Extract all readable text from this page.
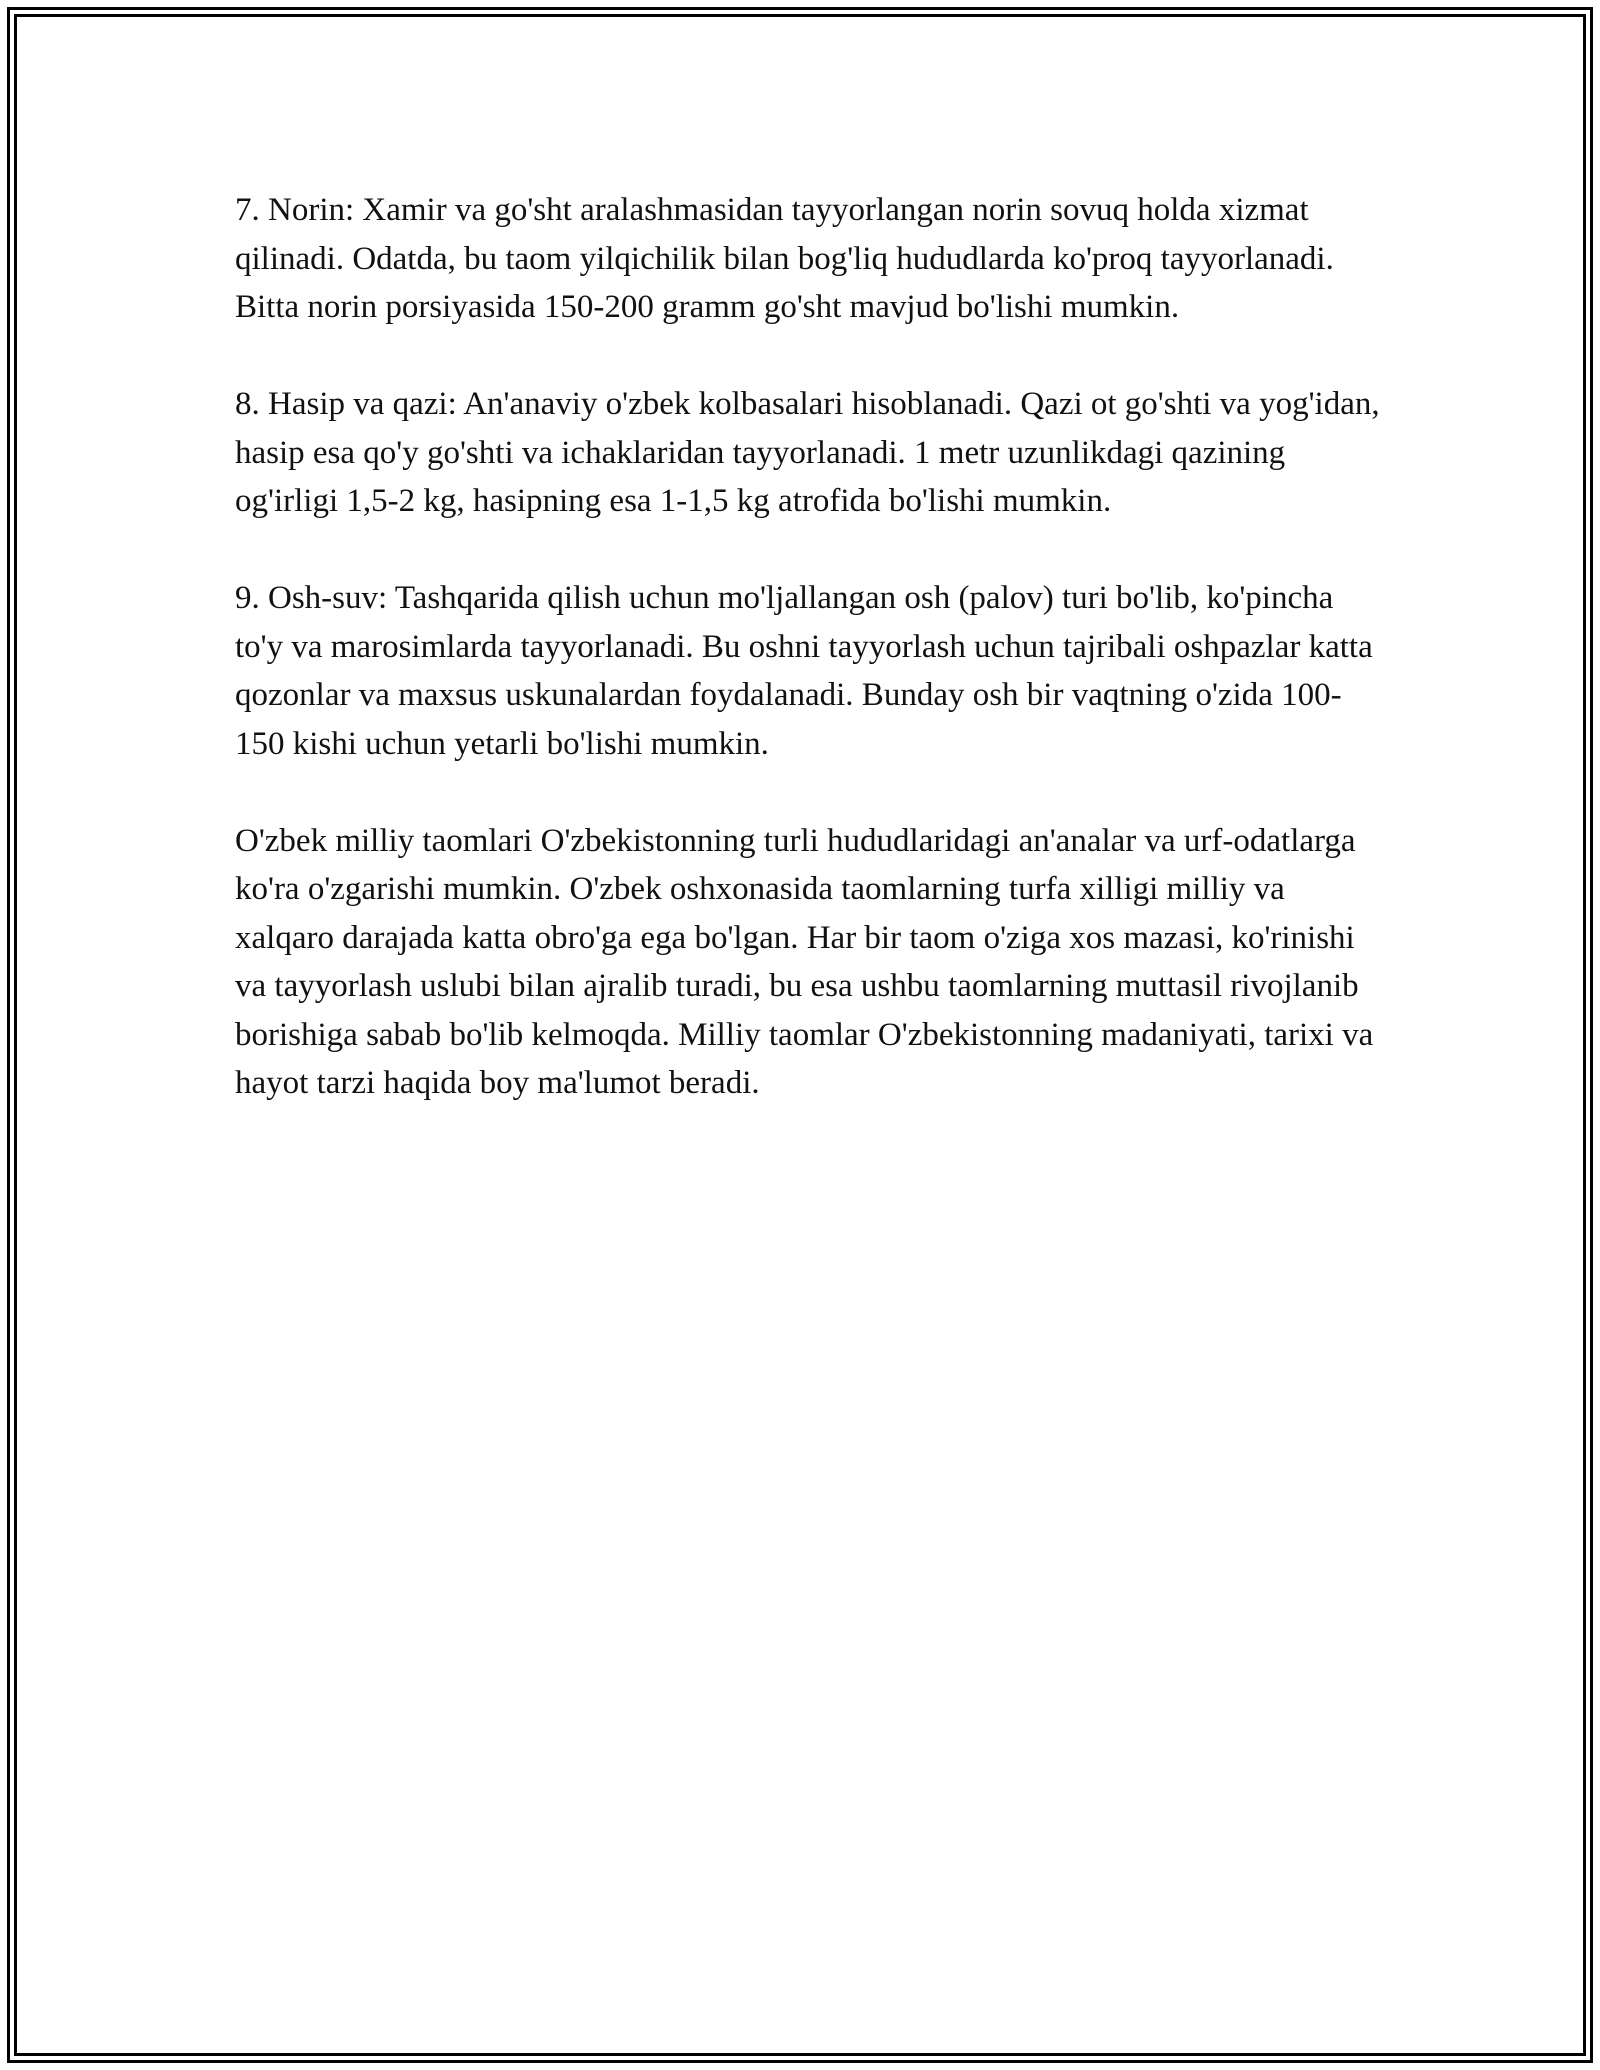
7. Norin: Xamir va go'sht aralashmasidan tayyorlangan norin sovuq holda xizmat qilinadi. Odatda, bu taom yilqichilik bilan bog'liq hududlarda ko'proq tayyorlanadi. Bitta norin porsiyasida 150-200 gramm go'sht mavjud bo'lishi mumkin.

8. Hasip va qazi: An'anaviy o'zbek kolbasalari hisoblanadi. Qazi ot go'shti va yog'idan, hasip esa qo'y go'shti va ichaklaridan tayyorlanadi. 1 metr uzunlikdagi qazining og'irligi 1,5-2 kg, hasipning esa 1-1,5 kg atrofida bo'lishi mumkin.

9. Osh-suv: Tashqarida qilish uchun mo'ljallangan osh (palov) turi bo'lib, ko'pincha to'y va marosimlarda tayyorlanadi. Bu oshni tayyorlash uchun tajribali oshpazlar katta qozonlar va maxsus uskunalardan foydalanadi. Bunday osh bir vaqtning o'zida 100-150 kishi uchun yetarli bo'lishi mumkin.

O'zbek milliy taomlari O'zbekistonning turli hududlaridagi an'analar va urf-odatlarga ko'ra o'zgarishi mumkin. O'zbek oshxonasida taomlarning turfa xilligi milliy va xalqaro darajada katta obro'ga ega bo'lgan. Har bir taom o'ziga xos mazasi, ko'rinishi va tayyorlash uslubi bilan ajralib turadi, bu esa ushbu taomlarning muttasil rivojlanib borishiga sabab bo'lib kelmoqda. Milliy taomlar O'zbekistonning madaniyati, tarixi va hayot tarzi haqida boy ma'lumot beradi.
